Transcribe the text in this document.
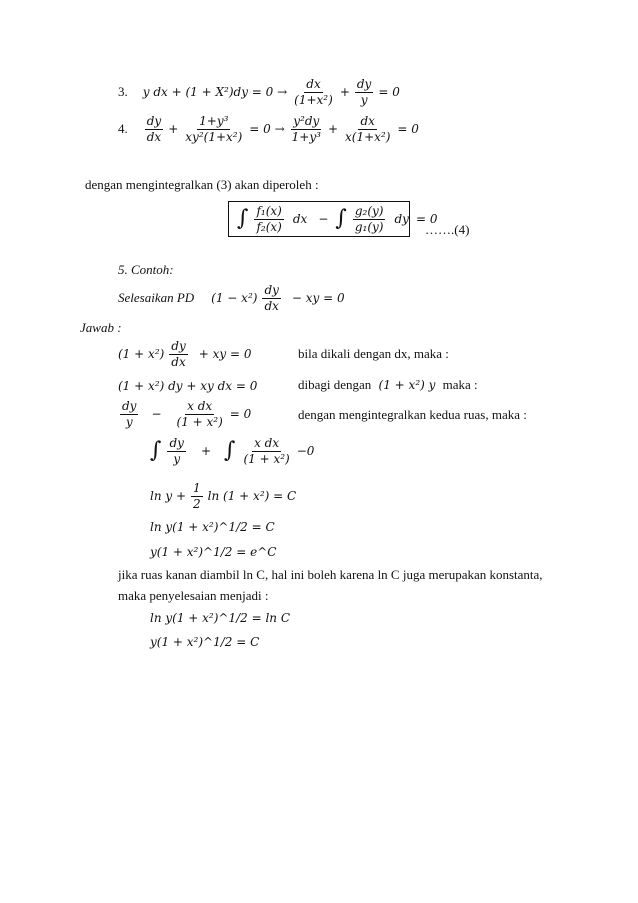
3. y dx + $(1 + X^2)dy = 0 \to \frac{dx}{\text{(1+x²)}} + \frac{dy}{y} = 0$
4. $\frac{dy}{dx} + \frac{\text{1+y³}}{\text{xy²(1+x²)}} = 0 \to \frac{\text{y²dy}}{\text{1+y³}} + \frac{dx}{\text{x(1+x²)}} = 0$
dengan mengintegralkan (3) akan diperoleh :
∫ $\frac{\text{f₁(x)}}{\text{f₂(x)}}$ dx − ∫ $\frac{\text{g₂(y)}}{\text{g₁(y)}}$ dy = 0
…….(4)
5. Contoh:
Selesaikan PD $(1 - x^2) \frac{dy}{dx}$ − xy = 0
Jawab :
$(1 + x^2) \frac{dy}{dx}$ + xy = 0	bila dikali dengan dx, maka :
(1 + x²) dy + xy dx = 0	dibagi dengan (1 + x²) y maka :
$\frac{dy}{y} - \frac{\text{x dx}}{\text{(1 + x²)}} = 0$	dengan mengintegralkan kedua ruas, maka :
∫ $\frac{dy}{y}$ + ∫ $\frac{\text{x dx}}{\text{(1 + x²)}} -0$
$\ln y + \frac{1}{2}$ ln (1 + x²) = C
ln y(1 + x²)^1/2 = C
y(1 + x²)^1/2 = e^C
jika ruas kanan diambil ln C, hal ini boleh karena ln C juga merupakan konstanta,
maka penyelesaian menjadi :
ln y(1 + x²)^1/2 = ln C
y(1 + x²)^1/2 = C
